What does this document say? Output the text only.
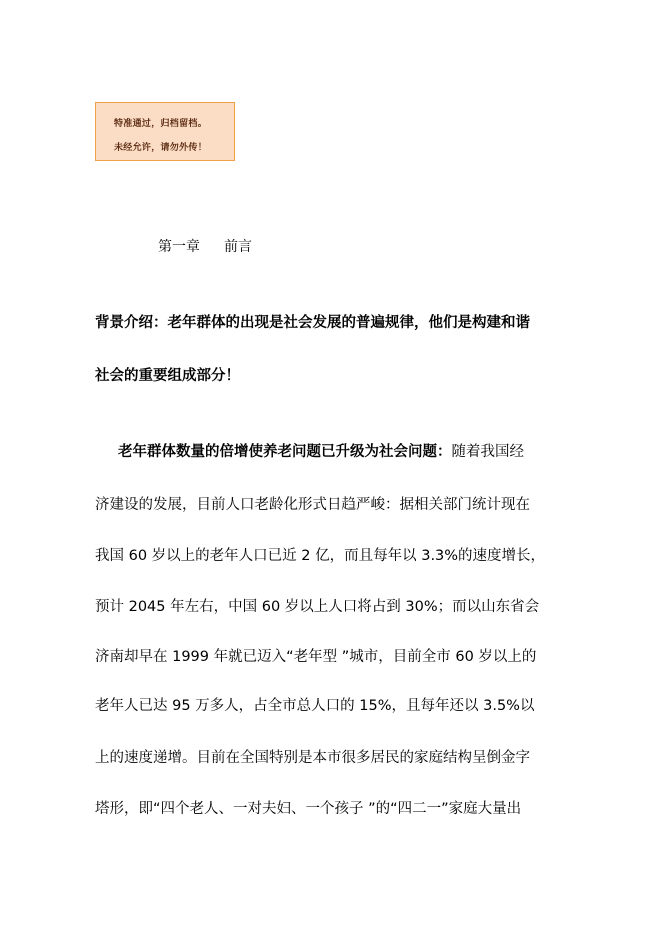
特准通过，归档留档。
未经允许，请勿外传！
第一章 前言
背景介绍：老年群体的出现是社会发展的普遍规律，他们是构建和谐
社会的重要组成部分！
老年群体数量的倍增使养老问题已升级为社会问题：随着我国经
济建设的发展，目前人口老龄化形式日趋严峻：据相关部门统计现在
我国 60 岁以上的老年人口已近 2 亿，而且每年以 3.3%的速度增长，
预计 2045 年左右，中国 60 岁以上人口将占到 30%；而以山东省会
济南却早在 1999 年就已迈入“老年型 ”城市，目前全市 60 岁以上的
老年人已达 95 万多人，占全市总人口的 15%，且每年还以 3.5%以
上的速度递增。目前在全国特别是本市很多居民的家庭结构呈倒金字
塔形，即“四个老人、一对夫妇、一个孩子 ”的“四二一”家庭大量出
